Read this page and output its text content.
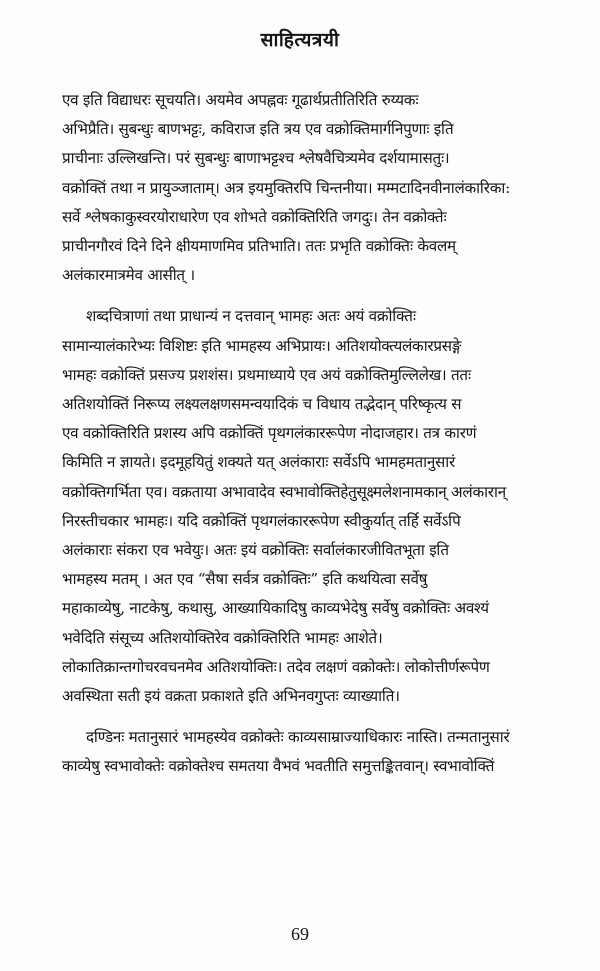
साहित्यत्रयी

एव इति विद्याधरः सूचयति। अयमेव अपह्नवः गूढार्थप्रतीतिरिति रुय्यकः
अभिप्रैति। सुबन्धुः बाणभट्टः, कविराज इति त्रय एव वक्रोक्तिमार्गनिपुणाः इति
प्राचीनाः उल्लिखन्ति। परं सुबन्धुः बाणाभट्टश्च श्लेषवैचित्र्यमेव दर्शयामासतुः।
वक्रोक्तिं तथा न प्रायुञ्जाताम्। अत्र इयमुक्तिरपि चिन्तनीया। मम्मटादिनवीनालंकारिका:
सर्वे श्लेषकाकुस्वरयोराधारेण एव शोभते वक्रोक्तिरिति जगदुः। तेन वक्रोक्तेः
प्राचीनगौरवं दिने दिने क्षीयमाणमिव प्रतिभाति। ततः प्रभृति वक्रोक्तिः केवलम्
अलंकारमात्रमेव आसीत् ।

शब्दचित्राणां तथा प्राधान्यं न दत्तवान् भामहः अतः अयं वक्रोक्तिः
सामान्यालंकारेभ्यः विशिष्टः इति भामहस्य अभिप्रायः। अतिशयोक्त्यलंकारप्रसङ्गे
भामहः वक्रोक्तिं प्रसज्य प्रशशंस। प्रथमाध्याये एव अयं वक्रोक्तिमुल्लिलेख। ततः
अतिशयोक्तिं निरूप्य लक्ष्यलक्षणसमन्वयादिकं च विधाय तद्भेदान् परिष्कृत्य स
एव वक्रोक्तिरिति प्रशस्य अपि वक्रोक्तिं पृथगलंकाररूपेण नोदाजहार। तत्र कारणं
किमिति न ज्ञायते। इदमूहयितुं शक्यते यत् अलंकाराः सर्वेऽपि भामहमतानुसारं
वक्रोक्तिगर्भिता एव। वक्रताया अभावादेव स्वभावोक्तिहेतुसूक्ष्मलेशनामकान् अलंकारान्
निरस्तीचकार भामहः। यदि वक्रोक्तिं पृथगलंकाररूपेण स्वीकुर्यात् तर्हि सर्वेऽपि
अलंकाराः संकरा एव भवेयुः। अतः इयं वक्रोक्तिः सर्वालंकारजीवितभूता इति
भामहस्य मतम् । अत एव “सैषा सर्वत्र वक्रोक्तिः” इति कथयित्वा सर्वेषु
महाकाव्येषु, नाटकेषु, कथासु, आख्यायिकादिषु काव्यभेदेषु सर्वेषु वक्रोक्तिः अवश्यं
भवेदिति संसूच्य अतिशयोक्तिरेव वक्रोक्तिरिति भामहः आशेते।
लोकातिक्रान्तगोचरवचनमेव अतिशयोक्तिः। तदेव लक्षणं वक्रोक्तेः। लोकोत्तीर्णरूपेण
अवस्थिता सती इयं वक्रता प्रकाशते इति अभिनवगुप्तः व्याख्याति।

दण्डिनः मतानुसारं भामहस्येव वक्रोक्तेः काव्यसाम्राज्याधिकारः नास्ति। तन्मतानुसारं
काव्येषु स्वभावोक्तेः वक्रोक्तेश्च समतया वैभवं भवतीति समुत्तङ्कितवान्। स्वभावोक्तिं

69
